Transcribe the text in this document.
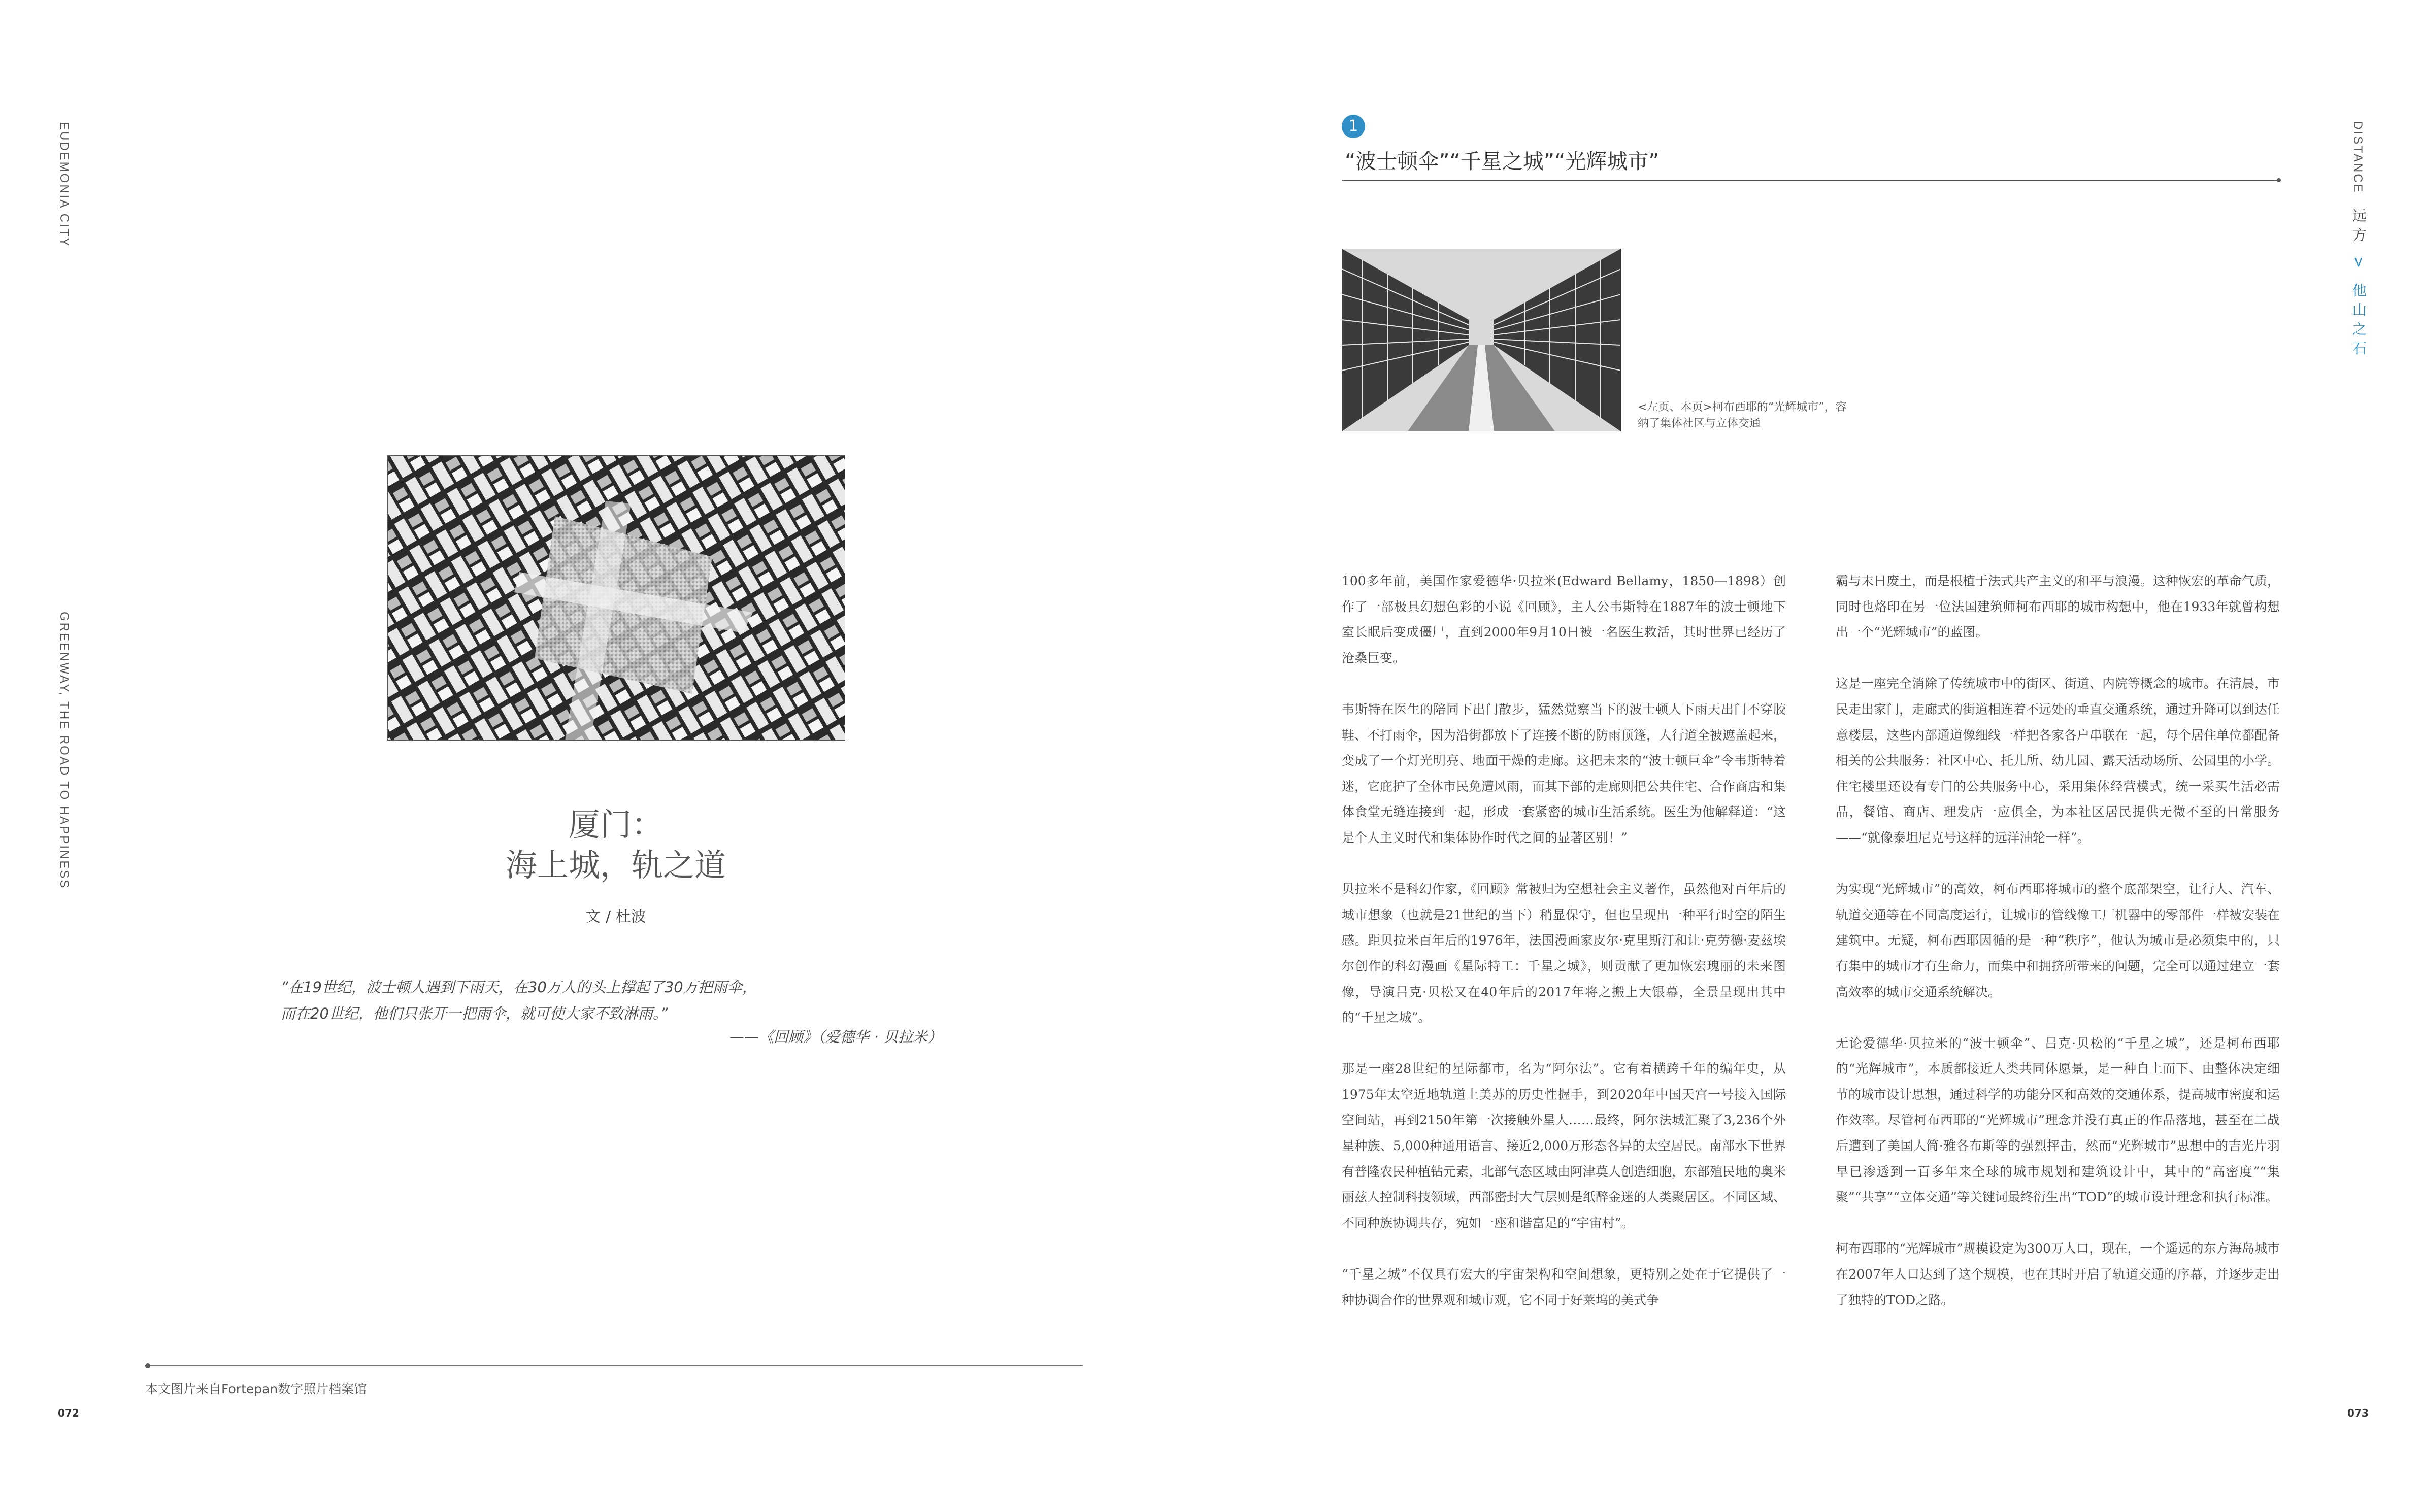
EUDEMONIA CITY
GREENWAY, THE ROAD TO HAPPINESS
DISTANCE
远方 > 他山之石
厦门：
海上城，轨之道
文 / 杜波
“在19世纪，波士顿人遇到下雨天，在30万人的头上撑起了30万把雨伞，
而在20世纪，他们只张开一把雨伞，就可使大家不致淋雨。”
——《回顾》（爱德华 · 贝拉米）
本文图片来自Fortepan数字照片档案馆
072
1
“波士顿伞”“千星之城”“光辉城市”
<左页、本页>柯布西耶的“光辉城市”，容纳了集体社区与立体交通

100多年前，美国作家爱德华·贝拉米(Edward Bellamy，1850—1898）创作了一部极具幻想色彩的小说《回顾》，主人公韦斯特在1887年的波士顿地下室长眠后变成僵尸，直到2000年9月10日被一名医生救活，其时世界已经历了沧桑巨变。

韦斯特在医生的陪同下出门散步，猛然觉察当下的波士顿人下雨天出门不穿胶鞋、不打雨伞，因为沿街都放下了连接不断的防雨顶篷，人行道全被遮盖起来，变成了一个灯光明亮、地面干燥的走廊。这把未来的“波士顿巨伞”令韦斯特着迷，它庇护了全体市民免遭风雨，而其下部的走廊则把公共住宅、合作商店和集体食堂无缝连接到一起，形成一套紧密的城市生活系统。医生为他解释道：“这是个人主义时代和集体协作时代之间的显著区别！”

贝拉米不是科幻作家，《回顾》常被归为空想社会主义著作，虽然他对百年后的城市想象（也就是21世纪的当下）稍显保守，但也呈现出一种平行时空的陌生感。距贝拉米百年后的1976年，法国漫画家皮尔·克里斯汀和让·克劳德·麦兹埃尔创作的科幻漫画《星际特工：千星之城》，则贡献了更加恢宏瑰丽的未来图像，导演吕克·贝松又在40年后的2017年将之搬上大银幕，全景呈现出其中的“千星之城”。

那是一座28世纪的星际都市，名为“阿尔法”。它有着横跨千年的编年史，从1975年太空近地轨道上美苏的历史性握手，到2020年中国天宫一号接入国际空间站，再到2150年第一次接触外星人……最终，阿尔法城汇聚了3,236个外星种族、5,000种通用语言、接近2,000万形态各异的太空居民。南部水下世界有普隆农民种植钻元素，北部气态区域由阿津莫人创造细胞，东部殖民地的奥米丽兹人控制科技领域，西部密封大气层则是纸醉金迷的人类聚居区。不同区域、不同种族协调共存，宛如一座和谐富足的“宇宙村”。

“千星之城”不仅具有宏大的宇宙架构和空间想象，更特别之处在于它提供了一种协调合作的世界观和城市观，它不同于好莱坞的美式争

霸与末日废土，而是根植于法式共产主义的和平与浪漫。这种恢宏的革命气质，同时也烙印在另一位法国建筑师柯布西耶的城市构想中，他在1933年就曾构想出一个“光辉城市”的蓝图。

这是一座完全消除了传统城市中的街区、街道、内院等概念的城市。在清晨，市民走出家门，走廊式的街道相连着不远处的垂直交通系统，通过升降可以到达任意楼层，这些内部通道像细线一样把各家各户串联在一起，每个居住单位都配备相关的公共服务：社区中心、托儿所、幼儿园、露天活动场所、公园里的小学。住宅楼里还设有专门的公共服务中心，采用集体经营模式，统一采买生活必需品，餐馆、商店、理发店一应俱全，为本社区居民提供无微不至的日常服务——“就像泰坦尼克号这样的远洋油轮一样”。

为实现“光辉城市”的高效，柯布西耶将城市的整个底部架空，让行人、汽车、轨道交通等在不同高度运行，让城市的管线像工厂机器中的零部件一样被安装在建筑中。无疑，柯布西耶因循的是一种“秩序”，他认为城市是必须集中的，只有集中的城市才有生命力，而集中和拥挤所带来的问题，完全可以通过建立一套高效率的城市交通系统解决。

无论爱德华·贝拉米的“波士顿伞”、吕克·贝松的“千星之城”，还是柯布西耶的“光辉城市”，本质都接近人类共同体愿景，是一种自上而下、由整体决定细节的城市设计思想，通过科学的功能分区和高效的交通体系，提高城市密度和运作效率。尽管柯布西耶的“光辉城市”理念并没有真正的作品落地，甚至在二战后遭到了美国人简·雅各布斯等的强烈抨击，然而“光辉城市”思想中的吉光片羽早已渗透到一百多年来全球的城市规划和建筑设计中，其中的“高密度”“集聚”“共享”“立体交通”等关键词最终衍生出“TOD”的城市设计理念和执行标准。

柯布西耶的“光辉城市”规模设定为300万人口，现在，一个遥远的东方海岛城市在2007年人口达到了这个规模，也在其时开启了轨道交通的序幕，并逐步走出了独特的TOD之路。

073
